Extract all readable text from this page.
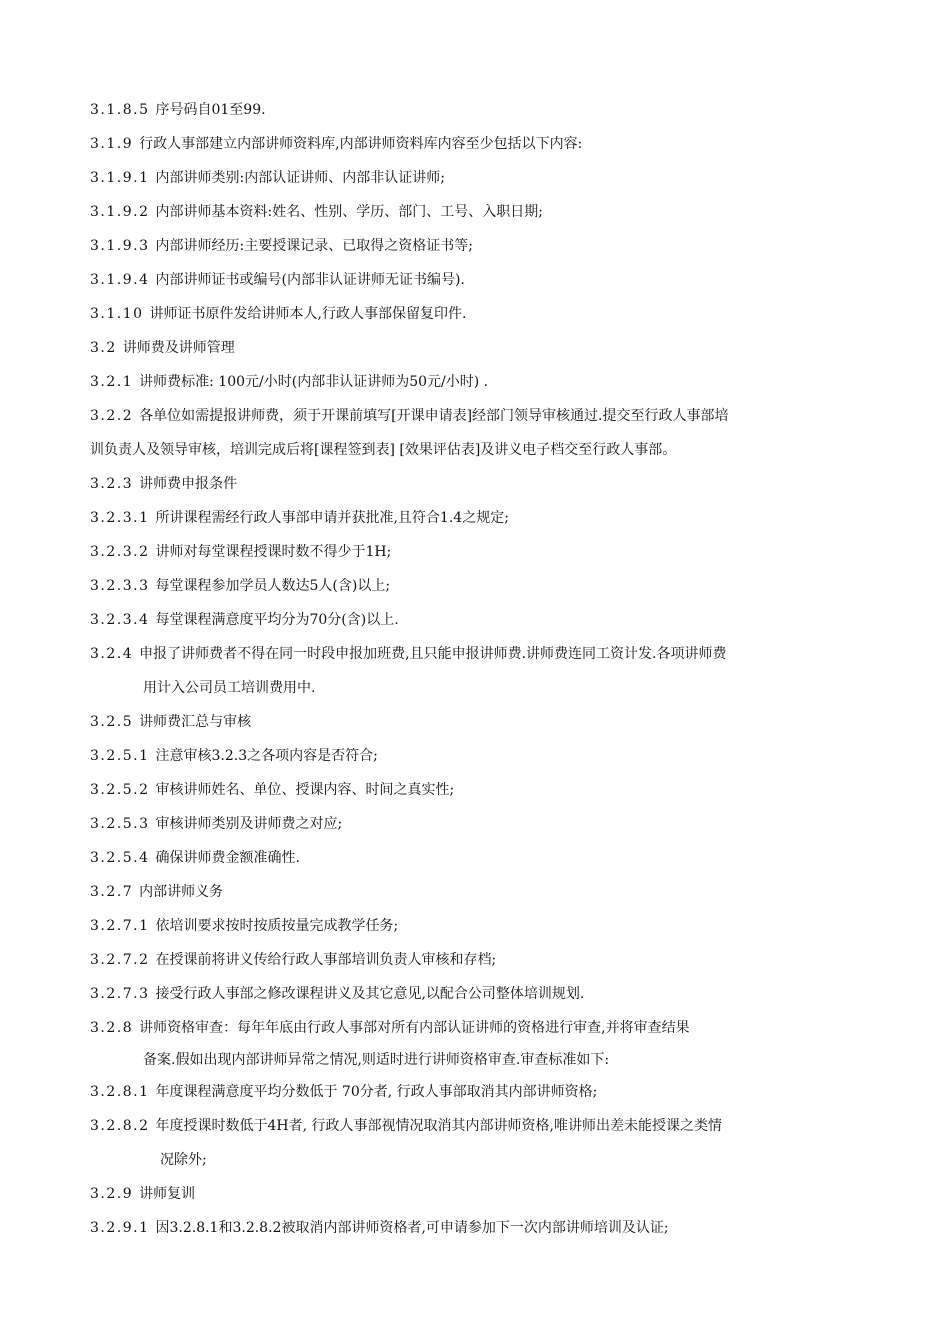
3.1.8.5 序号码自01至99.
3.1.9 行政人事部建立内部讲师资料库,内部讲师资料库内容至少包括以下内容:
3.1.9.1 内部讲师类别:内部认证讲师、内部非认证讲师;
3.1.9.2 内部讲师基本资料:姓名、性别、学历、部门、工号、入职日期;
3.1.9.3 内部讲师经历:主要授课记录、已取得之资格证书等;
3.1.9.4 内部讲师证书或编号(内部非认证讲师无证书编号).
3.1.10 讲师证书原件发给讲师本人,行政人事部保留复印件.
3.2 讲师费及讲师管理
3.2.1 讲师费标准: 100元/小时(内部非认证讲师为50元/小时) .
3.2.2 各单位如需提报讲师费，须于开课前填写[开课申请表]经部门领导审核通过.提交至行政人事部培
训负责人及领导审核，培训完成后将[课程签到表] [效果评估表]及讲义电子档交至行政人事部。
3.2.3 讲师费申报条件
3.2.3.1 所讲课程需经行政人事部申请并获批准,且符合1.4之规定;
3.2.3.2 讲师对每堂课程授课时数不得少于1H;
3.2.3.3 每堂课程参加学员人数达5人(含)以上;
3.2.3.4 每堂课程满意度平均分为70分(含)以上.
3.2.4 申报了讲师费者不得在同一时段申报加班费,且只能申报讲师费.讲师费连同工资计发.各项讲师费
用计入公司员工培训费用中.
3.2.5 讲师费汇总与审核
3.2.5.1 注意审核3.2.3之各项内容是否符合;
3.2.5.2 审核讲师姓名、单位、授课内容、时间之真实性;
3.2.5.3 审核讲师类别及讲师费之对应;
3.2.5.4 确保讲师费金额准确性.
3.2.7 内部讲师义务
3.2.7.1 依培训要求按时按质按量完成教学任务;
3.2.7.2 在授课前将讲义传给行政人事部培训负责人审核和存档;
3.2.7.3 接受行政人事部之修改课程讲义及其它意见,以配合公司整体培训规划.
3.2.8 讲师资格审查：每年年底由行政人事部对所有内部认证讲师的资格进行审查,并将审查结果
备案.假如出现内部讲师异常之情况,则适时进行讲师资格审查.审查标准如下:
3.2.8.1 年度课程满意度平均分数低于 70分者, 行政人事部取消其内部讲师资格;
3.2.8.2 年度授课时数低于4H者, 行政人事部视情况取消其内部讲师资格,唯讲师出差未能授课之类情
况除外;
3.2.9 讲师复训
3.2.9.1 因3.2.8.1和3.2.8.2被取消内部讲师资格者,可申请参加下一次内部讲师培训及认证;
